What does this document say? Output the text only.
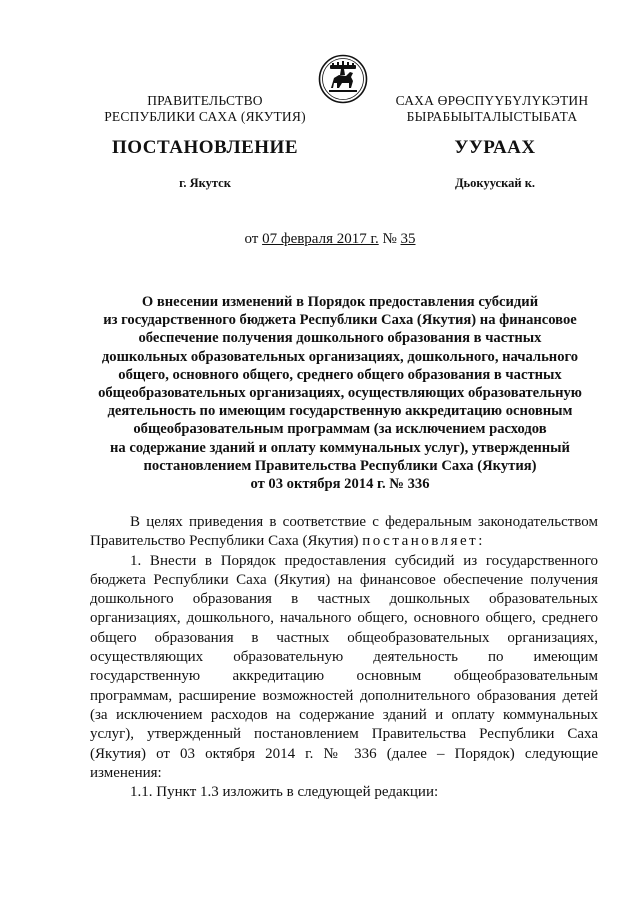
ПРАВИТЕЛЬСТВО
РЕСПУБЛИКИ САХА (ЯКУТИЯ)
САХА ӨРӨСПҮҮБҮЛҮКЭТИН
БЫРАБЫЫТАЛЫСТЫБАТА
ПОСТАНОВЛЕНИЕ	УУРААХ
г. Якутск	Дьокуускай к.
от 07 февраля 2017 г. № 35
О внесении изменений в Порядок предоставления субсидий
из государственного бюджета Республики Саха (Якутия) на финансовое
обеспечение получения дошкольного образования в частных
дошкольных образовательных организациях, дошкольного, начального
общего, основного общего, среднего общего образования в частных
общеобразовательных организациях, осуществляющих образовательную
деятельность по имеющим государственную аккредитацию основным
общеобразовательным программам (за исключением расходов
на содержание зданий и оплату коммунальных услуг), утвержденный
постановлением Правительства Республики Саха (Якутия)
от 03 октября 2014 г. № 336
В целях приведения в соответствие с федеральным законодательством
Правительство Республики Саха (Якутия) постановляет:
1. Внести в Порядок предоставления субсидий из государственного
бюджета Республики Саха (Якутия) на финансовое обеспечение получения
дошкольного образования в частных дошкольных образовательных
организациях, дошкольного, начального общего, основного общего, среднего
общего образования в частных общеобразовательных организациях,
осуществляющих образовательную деятельность по имеющим
государственную аккредитацию основным общеобразовательным
программам, расширение возможностей дополнительного образования детей
(за исключением расходов на содержание зданий и оплату коммунальных
услуг), утвержденный постановлением Правительства Республики Саха
(Якутия) от 03 октября 2014 г. № 336 (далее – Порядок) следующие
изменения:
1.1. Пункт 1.3 изложить в следующей редакции:
